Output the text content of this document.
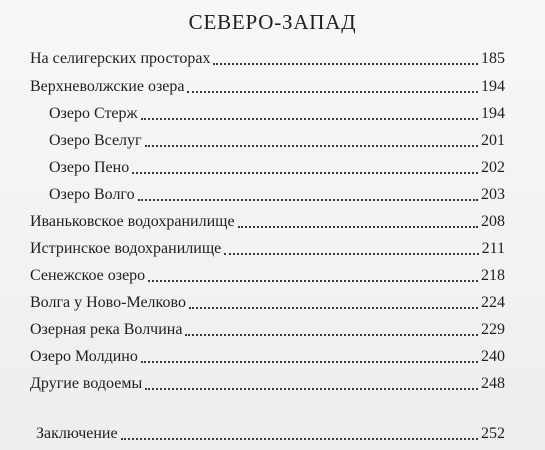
СЕВЕРО-ЗАПАД
На селигерских просторах	185
Верхневолжские озера	194
Озеро Стерж	194
Озеро Вселуг	201
Озеро Пено	202
Озеро Волго	203
Иваньковское водохранилище	208
Истринское водохранилище	211
Сенежское озеро	218
Волга у Ново-Мелково	224
Озерная река Волчина	229
Озеро Молдино	240
Другие водоемы	248
Заключение	252
